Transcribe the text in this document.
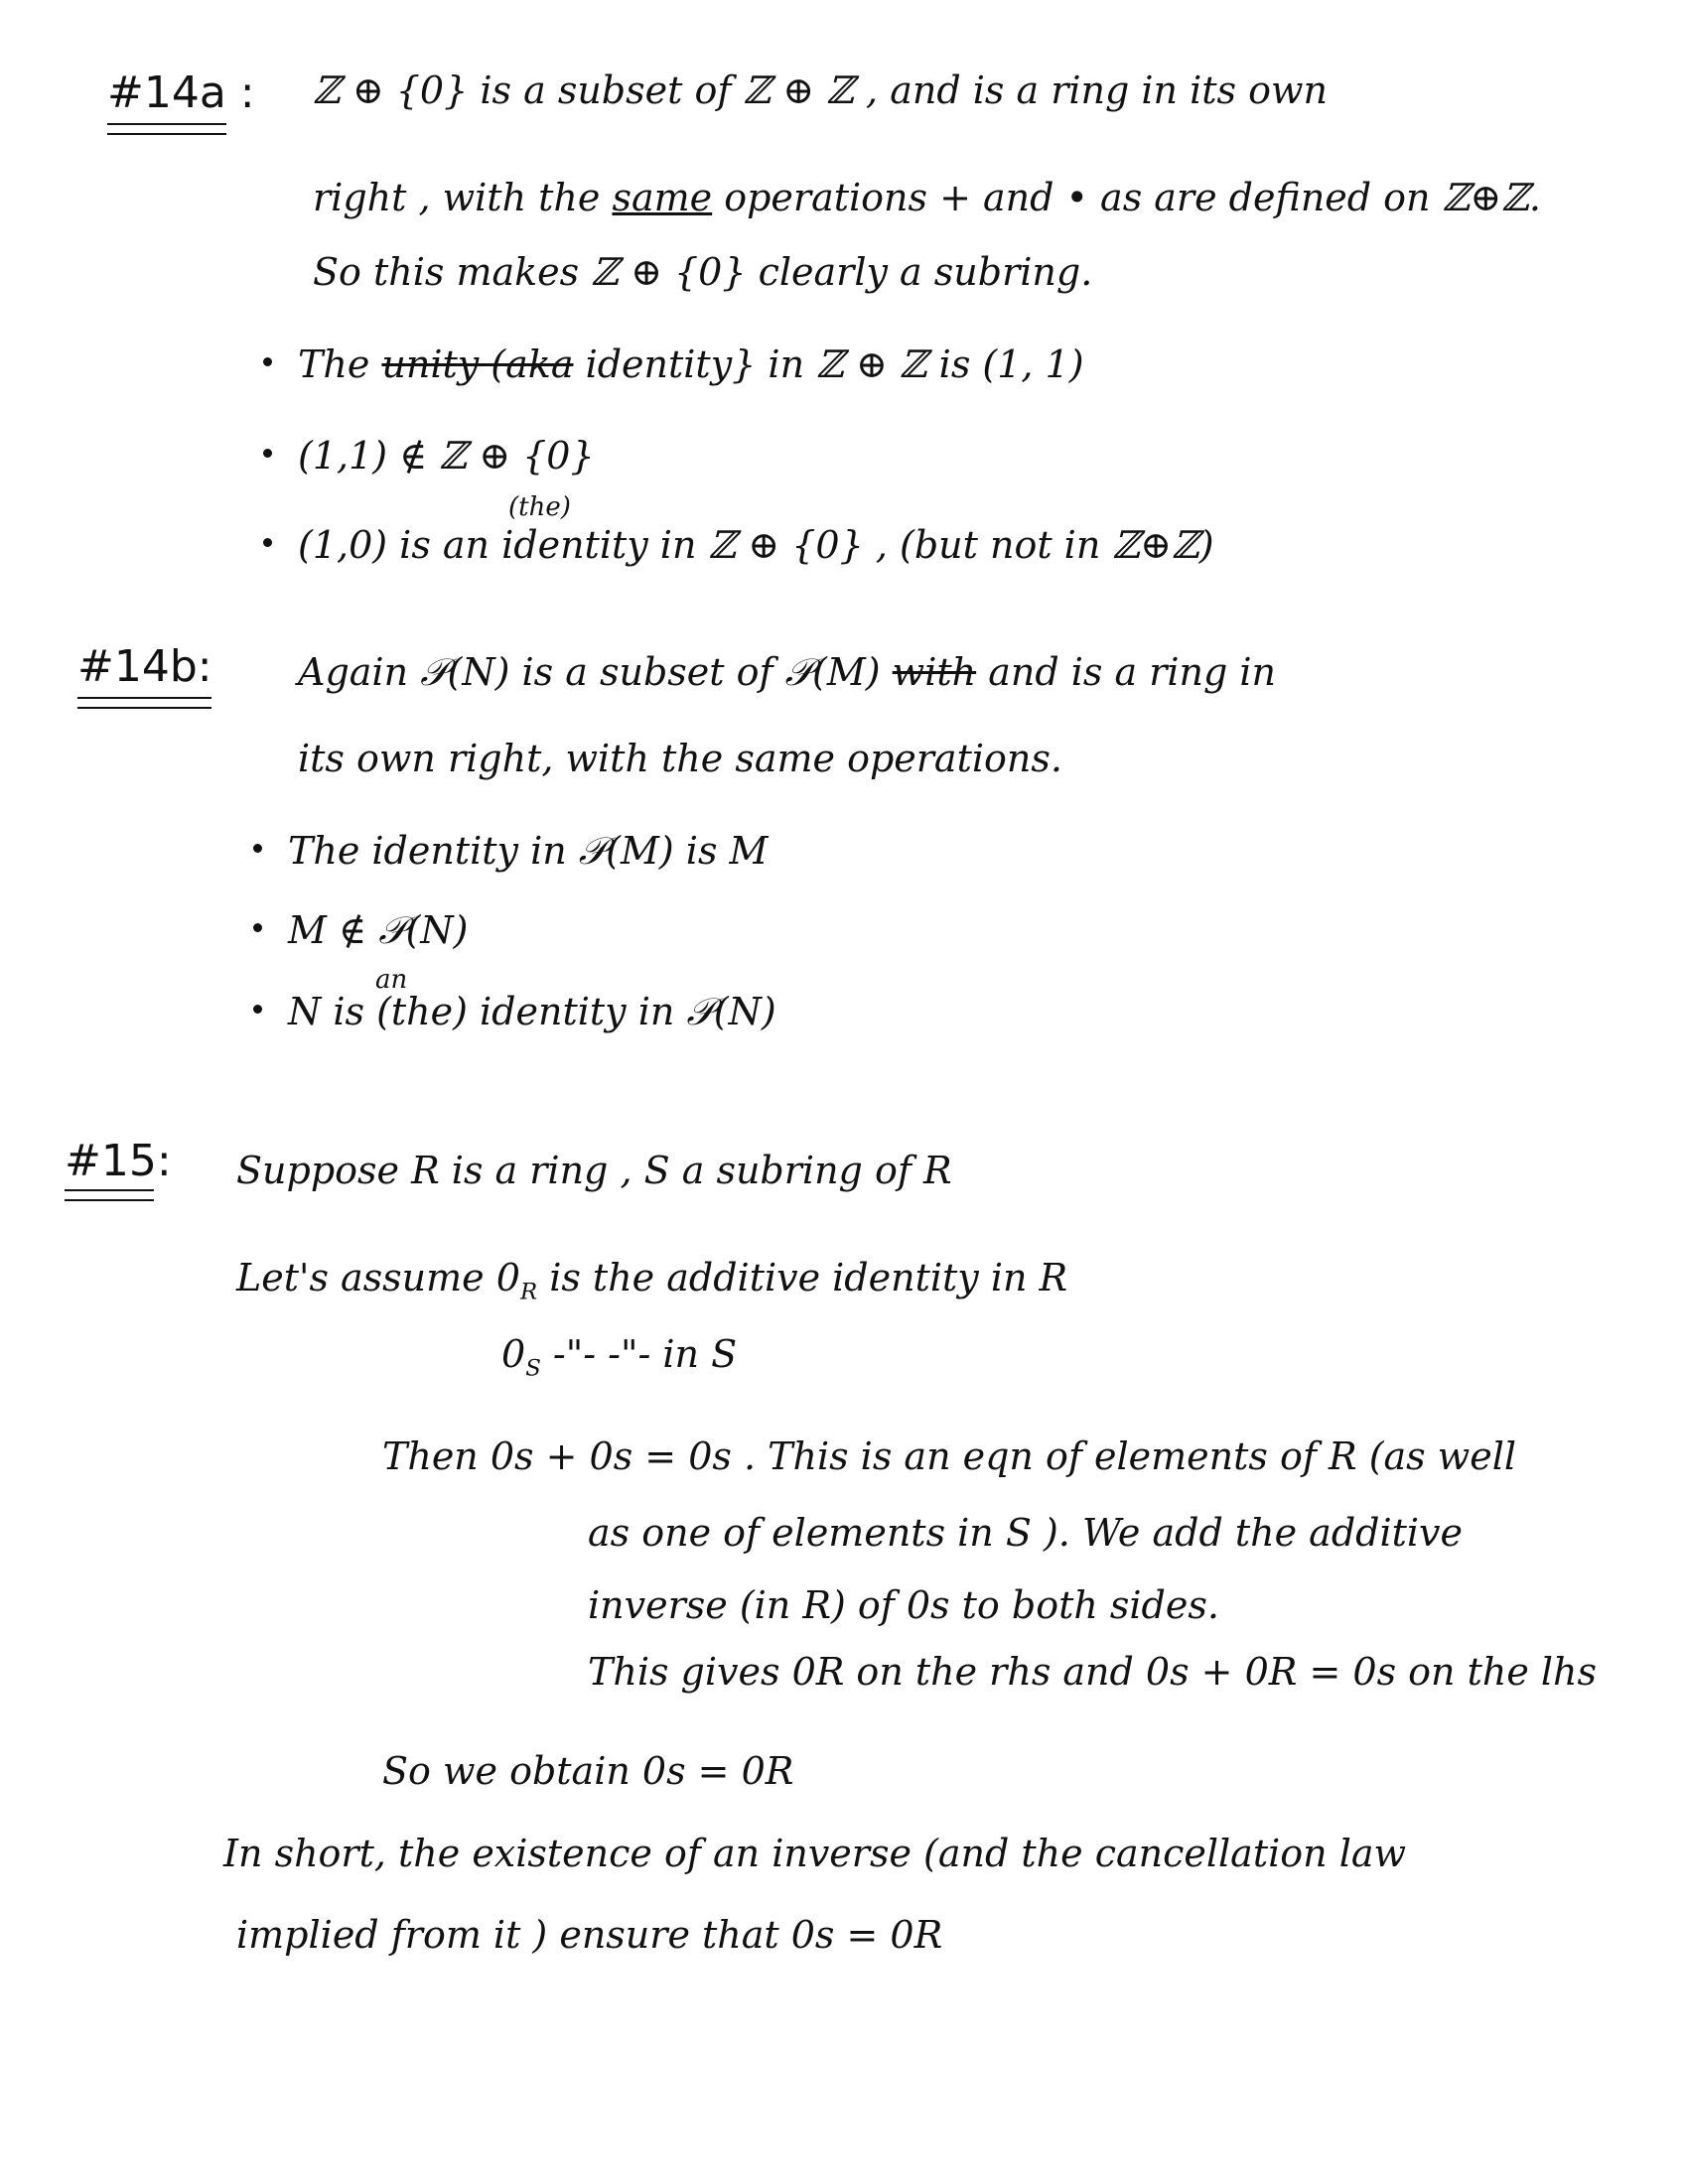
#14a : ℤ ⊕ {0} is a subset of ℤ ⊕ ℤ , and is a ring in its own
right , with the same operations + and • as are defined on ℤ⊕ℤ.
So this makes ℤ ⊕ {0} clearly a subring.
The unity (aka identity} in ℤ ⊕ ℤ is (1, 1)
(1,1) ∉ ℤ ⊕ {0}
(the)
(1,0) is an identity in ℤ ⊕ {0} , (but not in ℤ⊕ℤ)
#14b: Again 𝒫(N) is a subset of 𝒫(M) with and is a ring in
its own right, with the same operations.
The identity in 𝒫(M) is M
M ∉ 𝒫(N)
an
N is (the) identity in 𝒫(N)
#15: Suppose R is a ring , S a subring of R
Let's assume $0_R$ is the additive identity in R
$0_S$ -"- -"- in S
Then 0s + 0s = 0s . This is an eqn of elements of R (as well
as one of elements in S ). We add the additive
inverse (in R) of 0s to both sides.
This gives 0R on the rhs and 0s + 0R = 0s on the lhs
So we obtain 0s = 0R
In short, the existence of an inverse (and the cancellation law
implied from it ) ensure that 0s = 0R
